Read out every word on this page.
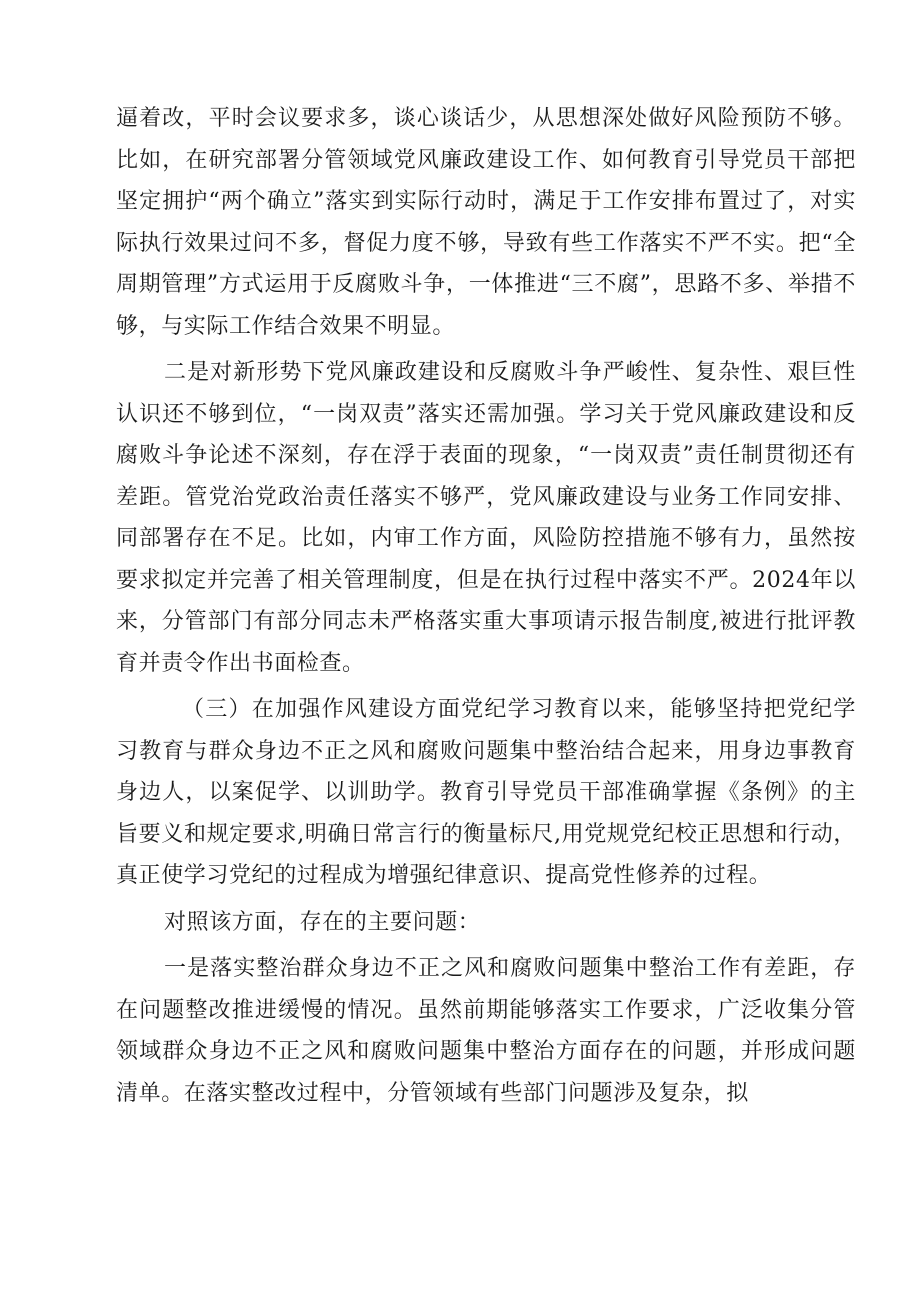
逼着改，平时会议要求多，谈心谈话少，从思想深处做好风险预防不够。比如，在研究部署分管领域党风廉政建设工作、如何教育引导党员干部把坚定拥护“两个确立”落实到实际行动时，满足于工作安排布置过了，对实际执行效果过问不多，督促力度不够，导致有些工作落实不严不实。把“全周期管理”方式运用于反腐败斗争，一体推进“三不腐”，思路不多、举措不够，与实际工作结合效果不明显。

二是对新形势下党风廉政建设和反腐败斗争严峻性、复杂性、艰巨性认识还不够到位，“一岗双责”落实还需加强。学习关于党风廉政建设和反腐败斗争论述不深刻，存在浮于表面的现象，“一岗双责”责任制贯彻还有差距。管党治党政治责任落实不够严，党风廉政建设与业务工作同安排、同部署存在不足。比如，内审工作方面，风险防控措施不够有力，虽然按要求拟定并完善了相关管理制度，但是在执行过程中落实不严。2024年以来，分管部门有部分同志未严格落实重大事项请示报告制度,被进行批评教育并责令作出书面检查。

（三）在加强作风建设方面党纪学习教育以来，能够坚持把党纪学习教育与群众身边不正之风和腐败问题集中整治结合起来，用身边事教育身边人，以案促学、以训助学。教育引导党员干部准确掌握《条例》的主旨要义和规定要求,明确日常言行的衡量标尺,用党规党纪校正思想和行动，真正使学习党纪的过程成为增强纪律意识、提高党性修养的过程。

对照该方面，存在的主要问题：

一是落实整治群众身边不正之风和腐败问题集中整治工作有差距，存在问题整改推进缓慢的情况。虽然前期能够落实工作要求，广泛收集分管领域群众身边不正之风和腐败问题集中整治方面存在的问题，并形成问题清单。在落实整改过程中，分管领域有些部门问题涉及复杂，拟
